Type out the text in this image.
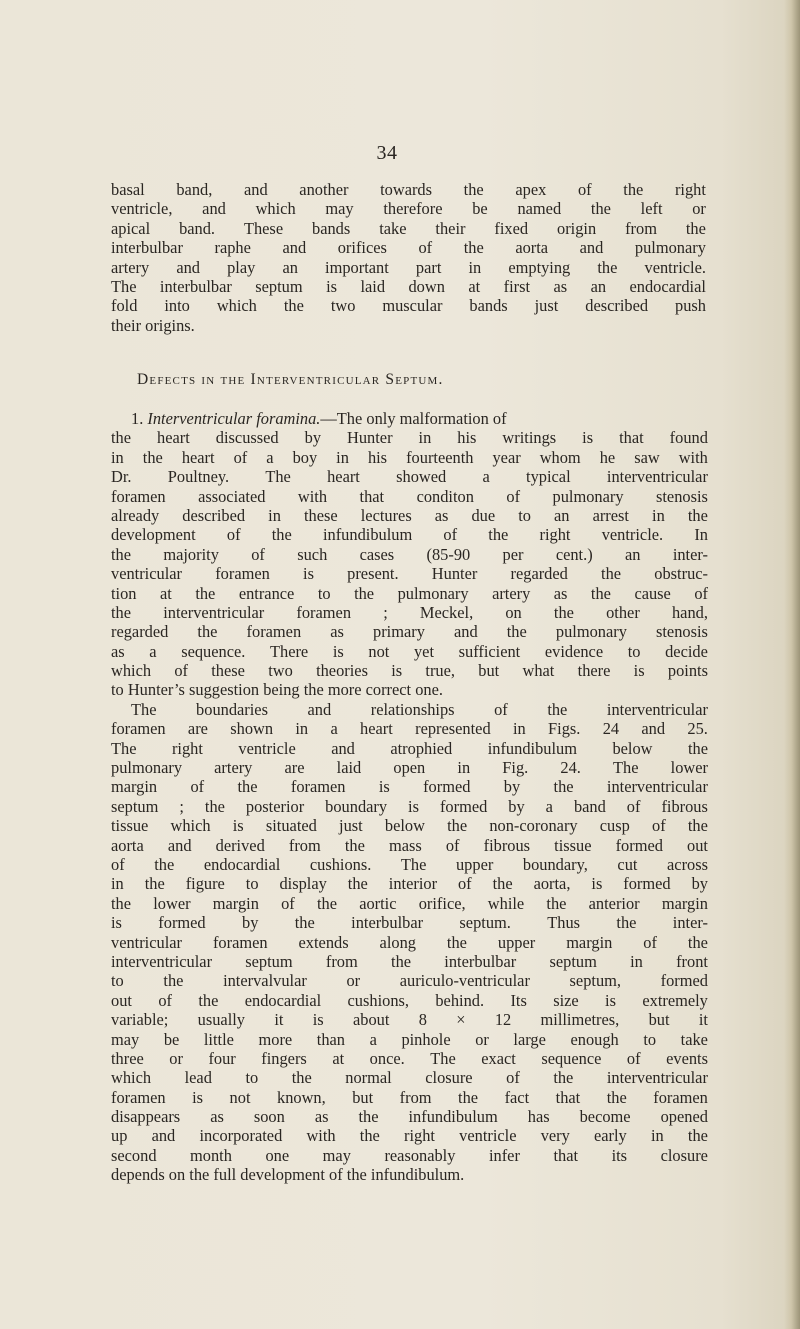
34
basal band, and another towards the apex of the right
ventricle, and which may therefore be named the left or
apical band. These bands take their fixed origin from the
interbulbar raphe and orifices of the aorta and pulmonary
artery and play an important part in emptying the ventricle.
The interbulbar septum is laid down at first as an endocardial
fold into which the two muscular bands just described push
their origins.
Defects in the Interventricular Septum.
1. Interventricular foramina.—The only malformation of
the heart discussed by Hunter in his writings is that found
in the heart of a boy in his fourteenth year whom he saw with
Dr. Poultney. The heart showed a typical interventricular
foramen associated with that conditon of pulmonary stenosis
already described in these lectures as due to an arrest in the
development of the infundibulum of the right ventricle. In
the majority of such cases (85-90 per cent.) an inter-
ventricular foramen is present. Hunter regarded the obstruc-
tion at the entrance to the pulmonary artery as the cause of
the interventricular foramen ; Meckel, on the other hand,
regarded the foramen as primary and the pulmonary stenosis
as a sequence. There is not yet sufficient evidence to decide
which of these two theories is true, but what there is points
to Hunter’s suggestion being the more correct one.
The boundaries and relationships of the interventricular
foramen are shown in a heart represented in Figs. 24 and 25.
The right ventricle and atrophied infundibulum below the
pulmonary artery are laid open in Fig. 24. The lower
margin of the foramen is formed by the interventricular
septum ; the posterior boundary is formed by a band of fibrous
tissue which is situated just below the non-coronary cusp of the
aorta and derived from the mass of fibrous tissue formed out
of the endocardial cushions. The upper boundary, cut across
in the figure to display the interior of the aorta, is formed by
the lower margin of the aortic orifice, while the anterior margin
is formed by the interbulbar septum. Thus the inter-
ventricular foramen extends along the upper margin of the
interventricular septum from the interbulbar septum in front
to the intervalvular or auriculo-ventricular septum, formed
out of the endocardial cushions, behind. Its size is extremely
variable; usually it is about 8 × 12 millimetres, but it
may be little more than a pinhole or large enough to take
three or four fingers at once. The exact sequence of events
which lead to the normal closure of the interventricular
foramen is not known, but from the fact that the foramen
disappears as soon as the infundibulum has become opened
up and incorporated with the right ventricle very early in the
second month one may reasonably infer that its closure
depends on the full development of the infundibulum.
